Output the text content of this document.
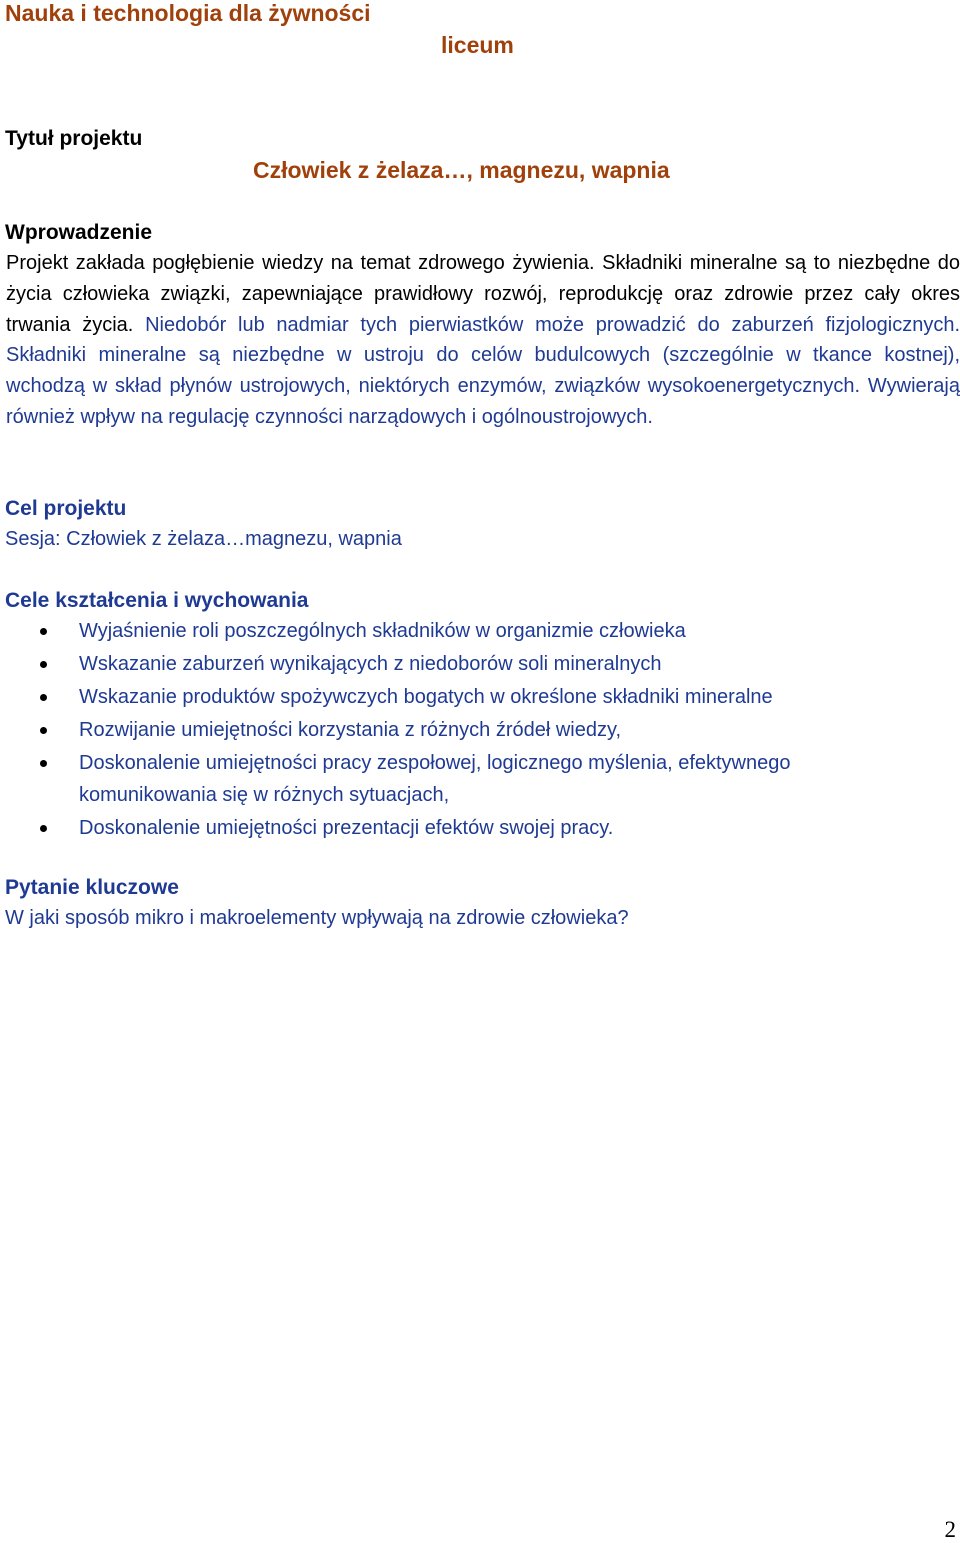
Nauka i technologia dla żywności
liceum
Tytuł projektu
Człowiek z żelaza…, magnezu, wapnia
Wprowadzenie

Projekt zakłada pogłębienie wiedzy na temat zdrowego żywienia. Składniki mineralne są to niezbędne do życia człowieka związki, zapewniające prawidłowy rozwój, reprodukcję oraz zdrowie przez cały okres trwania życia. Niedobór lub nadmiar tych pierwiastków może prowadzić do zaburzeń fizjologicznych. Składniki mineralne są niezbędne w ustroju do celów budulcowych (szczególnie w tkance kostnej), wchodzą w skład płynów ustrojowych, niektórych enzymów, związków wysokoenergetycznych. Wywierają również wpływ na regulację czynności narządowych i ogólnoustrojowych.

Cel projektu
Sesja: Człowiek z żelaza…magnezu, wapnia
Cele kształcenia i wychowania
Wyjaśnienie roli poszczególnych składników w organizmie człowieka
Wskazanie zaburzeń wynikających z niedoborów soli mineralnych
Wskazanie produktów spożywczych bogatych w określone składniki mineralne
Rozwijanie umiejętności korzystania z różnych źródeł wiedzy,
Doskonalenie umiejętności pracy zespołowej, logicznego myślenia, efektywnego komunikowania się w różnych sytuacjach,
Doskonalenie umiejętności prezentacji efektów swojej pracy.
Pytanie kluczowe
W jaki sposób mikro i makroelementy wpływają na zdrowie człowieka?
2
